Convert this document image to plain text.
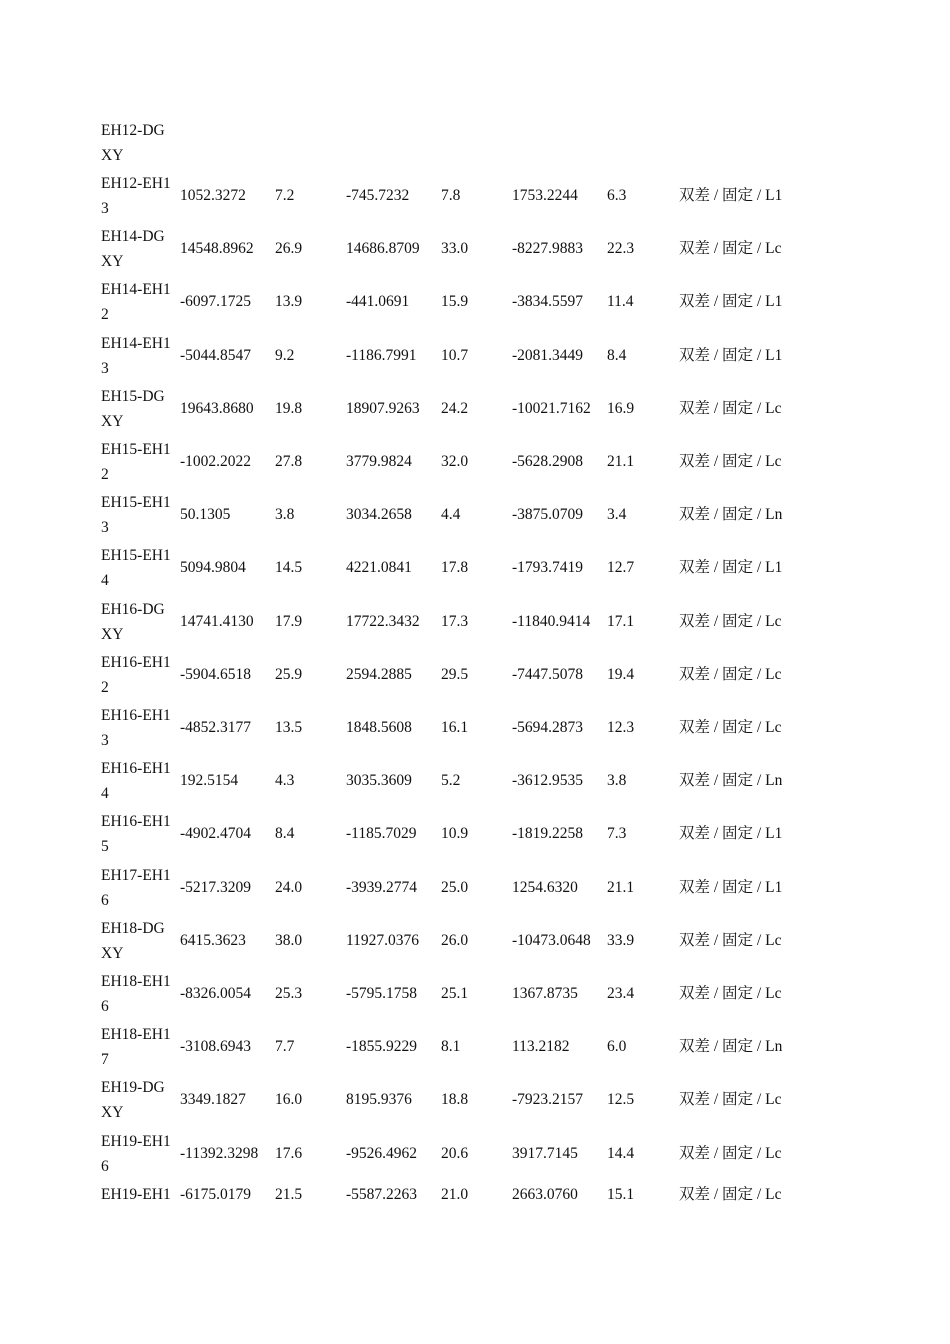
EH12-DG
XY
EH12-EH1
3
1052.3272 7.2	-745.7232 7.8	1753.2244 6.3	双差 / 固定 / L1
EH14-DG
XY
14548.8962 26.9	14686.8709 33.0	-8227.9883 22.3	双差 / 固定 / Lc
EH14-EH1
2
-6097.1725 13.9	-441.0691 15.9	-3834.5597 11.4	双差 / 固定 / L1
EH14-EH1
3
-5044.8547 9.2	-1186.7991 10.7	-2081.3449 8.4	双差 / 固定 / L1
EH15-DG
XY
19643.8680 19.8	18907.9263 24.2	-10021.7162 16.9	双差 / 固定 / Lc
EH15-EH1
2
-1002.2022 27.8	3779.9824 32.0	-5628.2908 21.1	双差 / 固定 / Lc
EH15-EH1
3
50.1305	3.8	3034.2658 4.4	-3875.0709 3.4	双差 / 固定 / Ln
EH15-EH1
4
5094.9804 14.5	4221.0841 17.8	-1793.7419 12.7	双差 / 固定 / L1
EH16-DG
XY
14741.4130 17.9	17722.3432 17.3	-11840.9414 17.1	双差 / 固定 / Lc
EH16-EH1
2
-5904.6518 25.9	2594.2885 29.5	-7447.5078 19.4	双差 / 固定 / Lc
EH16-EH1
3
-4852.3177 13.5	1848.5608 16.1	-5694.2873 12.3	双差 / 固定 / Lc
EH16-EH1
4
192.5154 4.3	3035.3609 5.2	-3612.9535 3.8	双差 / 固定 / Ln
EH16-EH1
5
-4902.4704 8.4	-1185.7029 10.9	-1819.2258 7.3	双差 / 固定 / L1
EH17-EH1
6
-5217.3209 24.0	-3939.2774 25.0	1254.6320 21.1	双差 / 固定 / L1
EH18-DG
XY
6415.3623 38.0	11927.0376 26.0	-10473.0648 33.9	双差 / 固定 / Lc
EH18-EH1
6
-8326.0054 25.3	-5795.1758 25.1	1367.8735 23.4	双差 / 固定 / Lc
EH18-EH1
7
-3108.6943 7.7	-1855.9229 8.1	113.2182 6.0	双差 / 固定 / Ln
EH19-DG
XY
3349.1827 16.0	8195.9376 18.8	-7923.2157 12.5	双差 / 固定 / Lc
EH19-EH1
6
-11392.3298 17.6	-9526.4962 20.6	3917.7145 14.4	双差 / 固定 / Lc
EH19-EH1 -6175.0179 21.5	-5587.2263 21.0	2663.0760 15.1	双差 / 固定 / Lc
